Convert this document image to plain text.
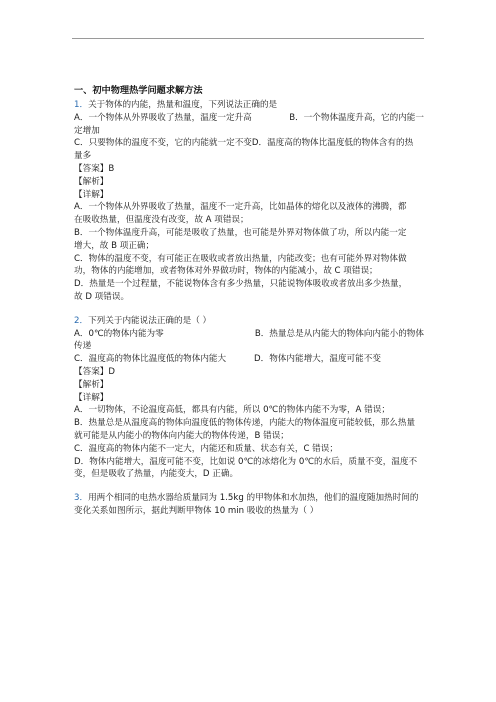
一、初中物理热学问题求解方法

1．关于物体的内能，热量和温度，下列说法正确的是

A．一个物体从外界吸收了热量，温度一定升高	B．一个物体温度升高，它的内能一

定增加

C．只要物体的温度不变，它的内能就一定不变D．温度高的物体比温度低的物体含有的热

量多

【答案】B

【解析】

【详解】

A．一个物体从外界吸收了热量，温度不一定升高，比如晶体的熔化以及液体的沸腾，都

在吸收热量，但温度没有改变，故 A 项错误；

B．一个物体温度升高，可能是吸收了热量，也可能是外界对物体做了功，所以内能一定

增大，故 B 项正确；

C．物体的温度不变，有可能正在吸收或者放出热量，内能改变；也有可能外界对物体做

功，物体的内能增加，或者物体对外界做功时，物体的内能减小，故 C 项错误；

D．热量是一个过程量，不能说物体含有多少热量，只能说物体吸收或者放出多少热量，

故 D 项错误。

2．下列关于内能说法正确的是（ ）

A．0℃的物体内能为零	B．热量总是从内能大的物体向内能小的物体

传递

C．温度高的物体比温度低的物体内能大	D．物体内能增大，温度可能不变

【答案】D

【解析】

【详解】

A．一切物体，不论温度高低，都具有内能，所以 0℃的物体内能不为零，A 错误；

B．热量总是从温度高的物体向温度低的物体传递，内能大的物体温度可能较低，那么热量

就可能是从内能小的物体向内能大的物体传递，B 错误；

C．温度高的物体内能不一定大，内能还和质量、状态有关，C 错误；

D．物体内能增大，温度可能不变，比如说 0℃的冰熔化为 0℃的水后，质量不变，温度不

变，但是吸收了热量，内能变大，D 正确。

3．用两个相同的电热水器给质量同为 1.5kg 的甲物体和水加热，他们的温度随加热时间的

变化关系如图所示，据此判断甲物体 10 min 吸收的热量为（ ）
